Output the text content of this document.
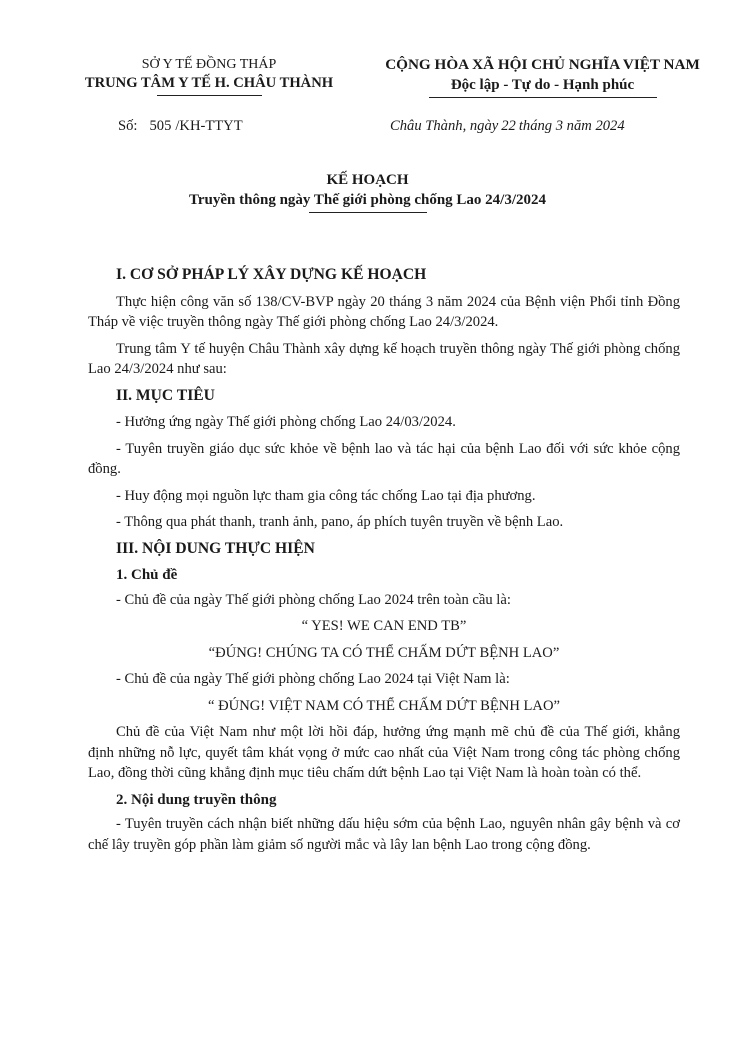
SỞ Y TẾ ĐỒNG THÁP
TRUNG TÂM Y TẾ H. CHÂU THÀNH
CỘNG HÒA XÃ HỘI CHỦ NGHĨA VIỆT NAM
Độc lập - Tự do - Hạnh phúc
Số: 505 /KH-TTYT	Châu Thành, ngày 22 tháng 3 năm 2024
KẾ HOẠCH
Truyền thông ngày Thế giới phòng chống Lao 24/3/2024
I. CƠ SỞ PHÁP LÝ XÂY DỰNG KẾ HOẠCH
Thực hiện công văn số 138/CV-BVP ngày 20 tháng 3 năm 2024 của Bệnh viện Phổi tỉnh Đồng Tháp về việc truyền thông ngày Thế giới phòng chống Lao 24/3/2024.
Trung tâm Y tế huyện Châu Thành xây dựng kế hoạch truyền thông ngày Thế giới phòng chống Lao 24/3/2024 như sau:
II. MỤC TIÊU
- Hưởng ứng ngày Thế giới phòng chống Lao 24/03/2024.
- Tuyên truyền giáo dục sức khỏe về bệnh lao và tác hại của bệnh Lao đối với sức khỏe cộng đồng.
- Huy động mọi nguồn lực tham gia công tác chống Lao tại địa phương.
- Thông qua phát thanh, tranh ảnh, pano, áp phích tuyên truyền về bệnh Lao.
III. NỘI DUNG THỰC HIỆN
1. Chủ đề
- Chủ đề của ngày Thế giới phòng chống Lao 2024 trên toàn cầu là:
“ YES! WE CAN END TB”
“ĐÚNG! CHÚNG TA CÓ THỂ CHẤM DỨT BỆNH LAO”
- Chủ đề của ngày Thế giới phòng chống Lao 2024 tại Việt Nam là:
“ ĐÚNG! VIỆT NAM CÓ THỂ CHẤM DỨT BỆNH LAO”
Chủ đề của Việt Nam như một lời hồi đáp, hưởng ứng mạnh mẽ chủ đề của Thế giới, khẳng định những nỗ lực, quyết tâm khát vọng ở mức cao nhất của Việt Nam trong công tác phòng chống Lao, đồng thời cũng khẳng định mục tiêu chấm dứt bệnh Lao tại Việt Nam là hoàn toàn có thể.
2. Nội dung truyền thông
- Tuyên truyền cách nhận biết những dấu hiệu sớm của bệnh Lao, nguyên nhân gây bệnh và cơ chế lây truyền góp phần làm giảm số người mắc và lây lan bệnh Lao trong cộng đồng.
